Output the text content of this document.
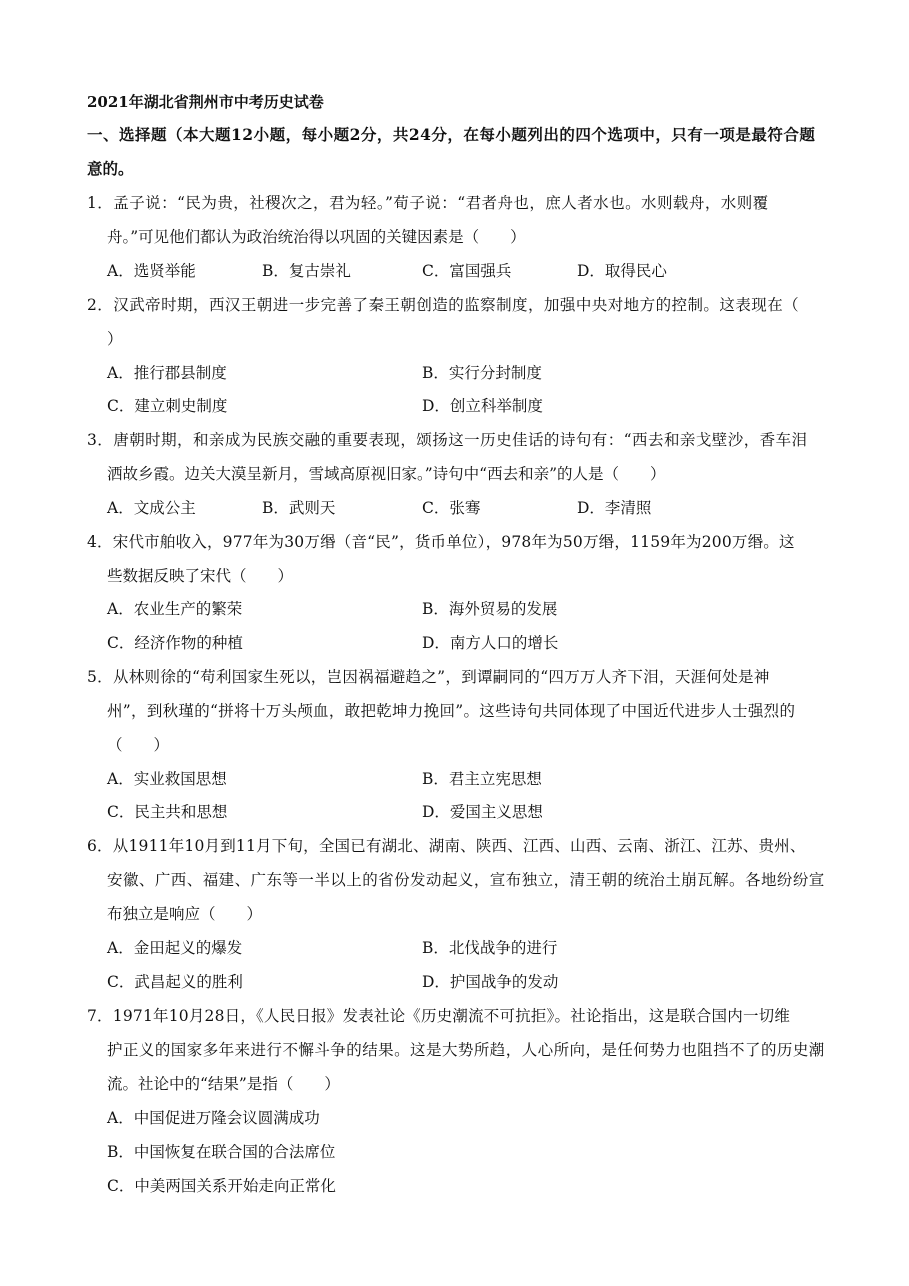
2021年湖北省荆州市中考历史试卷
一、选择题（本大题12小题，每小题2分，共24分，在每小题列出的四个选项中，只有一项是最符合题
意的。
1．孟子说：“民为贵，社稷次之，君为轻。”荀子说：“君者舟也，庶人者水也。水则载舟，水则覆
舟。”可见他们都认为政治统治得以巩固的关键因素是（　　）
A．选贤举能	B．复古崇礼	C．富国强兵	D．取得民心
2．汉武帝时期，西汉王朝进一步完善了秦王朝创造的监察制度，加强中央对地方的控制。这表现在（
）
A．推行郡县制度	B．实行分封制度
C．建立刺史制度	D．创立科举制度
3．唐朝时期，和亲成为民族交融的重要表现，颂扬这一历史佳话的诗句有：“西去和亲戈壁沙，香车泪
洒故乡霞。边关大漠呈新月，雪域高原视旧家。”诗句中“西去和亲”的人是（　　）
A．文成公主	B．武则天	C．张骞	D．李清照
4．宋代市舶收入，977年为30万缗（音“民”，货币单位），978年为50万缗，1159年为200万缗。这
些数据反映了宋代（　　）
A．农业生产的繁荣	B．海外贸易的发展
C．经济作物的种植	D．南方人口的增长
5．从林则徐的“苟利国家生死以，岂因祸福避趋之”，到谭嗣同的“四万万人齐下泪，天涯何处是神
州”，到秋瑾的“拼将十万头颅血，敢把乾坤力挽回”。这些诗句共同体现了中国近代进步人士强烈的
（　　）
A．实业救国思想	B．君主立宪思想
C．民主共和思想	D．爱国主义思想
6．从1911年10月到11月下旬，全国已有湖北、湖南、陕西、江西、山西、云南、浙江、江苏、贵州、
安徽、广西、福建、广东等一半以上的省份发动起义，宣布独立，清王朝的统治土崩瓦解。各地纷纷宣
布独立是响应（　　）
A．金田起义的爆发	B．北伐战争的进行
C．武昌起义的胜利	D．护国战争的发动
7．1971年10月28日，《人民日报》发表社论《历史潮流不可抗拒》。社论指出，这是联合国内一切维
护正义的国家多年来进行不懈斗争的结果。这是大势所趋，人心所向，是任何势力也阻挡不了的历史潮
流。社论中的“结果”是指（　　）
A．中国促进万隆会议圆满成功
B．中国恢复在联合国的合法席位
C．中美两国关系开始走向正常化
